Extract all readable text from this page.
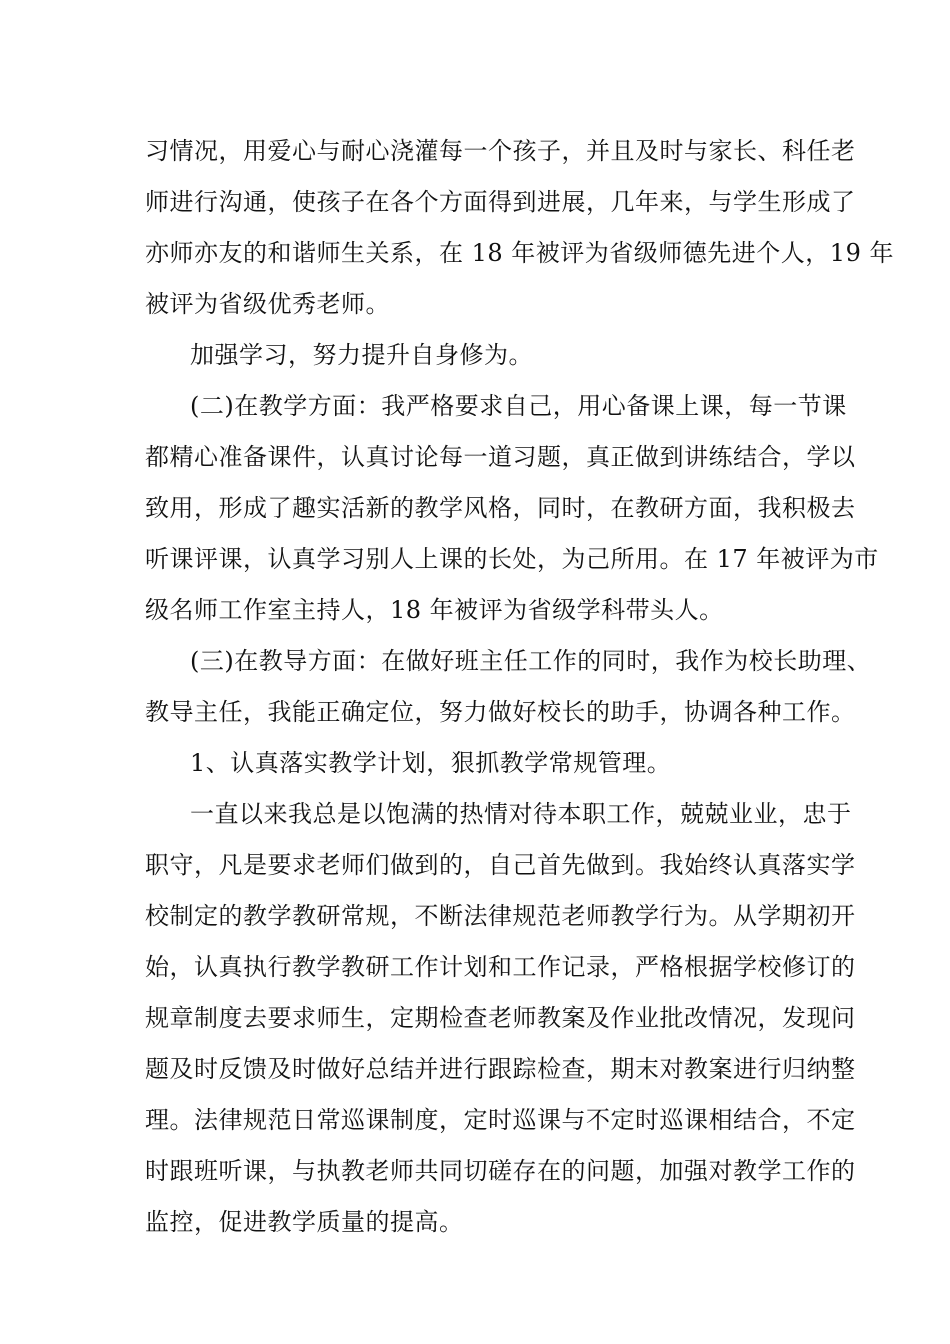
习情况，用爱心与耐心浇灌每一个孩子，并且及时与家长、科任老
师进行沟通，使孩子在各个方面得到进展，几年来，与学生形成了
亦师亦友的和谐师生关系，在 18 年被评为省级师德先进个人，19 年
被评为省级优秀老师。
加强学习，努力提升自身修为。
(二)在教学方面：我严格要求自己，用心备课上课，每一节课
都精心准备课件，认真讨论每一道习题，真正做到讲练结合，学以
致用，形成了趣实活新的教学风格，同时，在教研方面，我积极去
听课评课，认真学习别人上课的长处，为己所用。在 17 年被评为市
级名师工作室主持人，18 年被评为省级学科带头人。
(三)在教导方面：在做好班主任工作的同时，我作为校长助理、
教导主任，我能正确定位，努力做好校长的助手，协调各种工作。
1、认真落实教学计划，狠抓教学常规管理。
一直以来我总是以饱满的热情对待本职工作，兢兢业业，忠于
职守，凡是要求老师们做到的，自己首先做到。我始终认真落实学
校制定的教学教研常规，不断法律规范老师教学行为。从学期初开
始，认真执行教学教研工作计划和工作记录，严格根据学校修订的
规章制度去要求师生，定期检查老师教案及作业批改情况，发现问
题及时反馈及时做好总结并进行跟踪检查，期末对教案进行归纳整
理。法律规范日常巡课制度，定时巡课与不定时巡课相结合，不定
时跟班听课，与执教老师共同切磋存在的问题，加强对教学工作的
监控，促进教学质量的提高。
